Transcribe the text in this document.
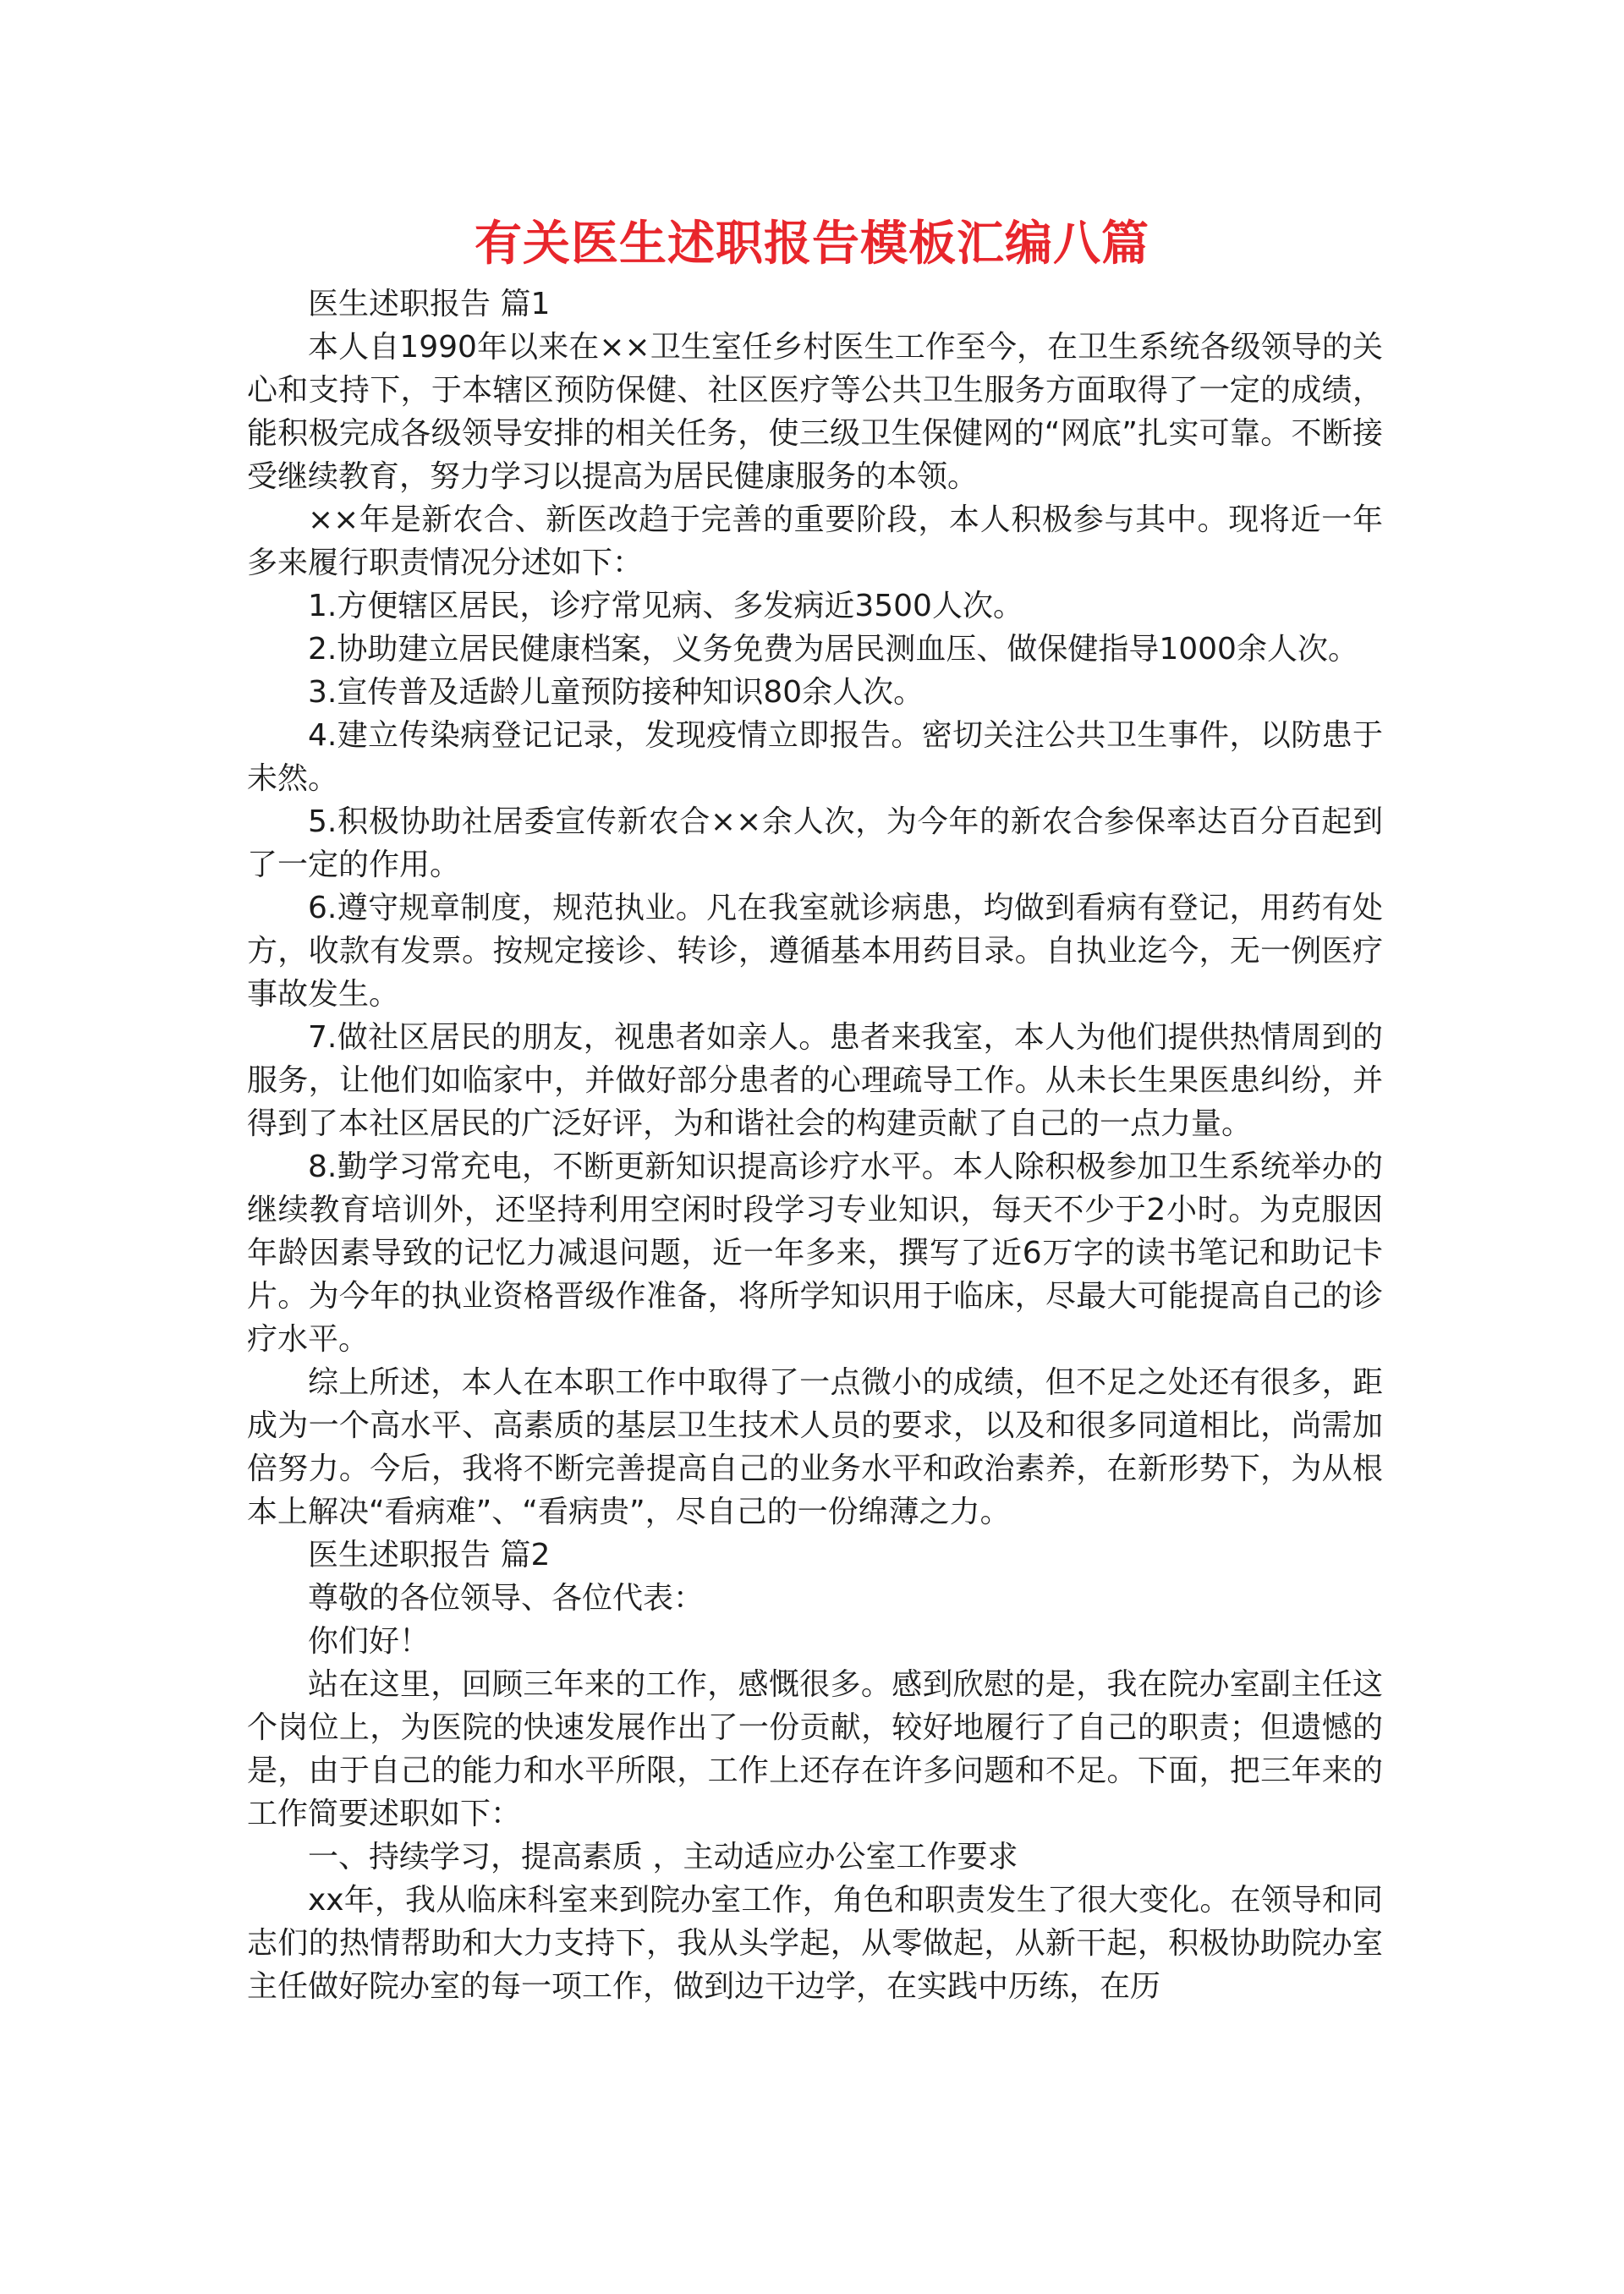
有关医生述职报告模板汇编八篇

医生述职报告 篇1

本人自1990年以来在××卫生室任乡村医生工作至今，在卫生系统各级领导的关心和支持下，于本辖区预防保健、社区医疗等公共卫生服务方面取得了一定的成绩，能积极完成各级领导安排的相关任务，使三级卫生保健网的“网底”扎实可靠。不断接受继续教育，努力学习以提高为居民健康服务的本领。

××年是新农合、新医改趋于完善的重要阶段，本人积极参与其中。现将近一年多来履行职责情况分述如下：

1.方便辖区居民，诊疗常见病、多发病近3500人次。

2.协助建立居民健康档案，义务免费为居民测血压、做保健指导1000余人次。

3.宣传普及适龄儿童预防接种知识80余人次。

4.建立传染病登记记录，发现疫情立即报告。密切关注公共卫生事件，以防患于未然。

5.积极协助社居委宣传新农合××余人次，为今年的新农合参保率达百分百起到了一定的作用。

6.遵守规章制度，规范执业。凡在我室就诊病患，均做到看病有登记，用药有处方，收款有发票。按规定接诊、转诊，遵循基本用药目录。自执业迄今，无一例医疗事故发生。

7.做社区居民的朋友，视患者如亲人。患者来我室，本人为他们提供热情周到的服务，让他们如临家中，并做好部分患者的心理疏导工作。从未长生果医患纠纷，并得到了本社区居民的广泛好评，为和谐社会的构建贡献了自己的一点力量。

8.勤学习常充电，不断更新知识提高诊疗水平。本人除积极参加卫生系统举办的继续教育培训外，还坚持利用空闲时段学习专业知识，每天不少于2小时。为克服因年龄因素导致的记忆力减退问题，近一年多来，撰写了近6万字的读书笔记和助记卡片。为今年的执业资格晋级作准备，将所学知识用于临床，尽最大可能提高自己的诊疗水平。

综上所述，本人在本职工作中取得了一点微小的成绩，但不足之处还有很多，距成为一个高水平、高素质的基层卫生技术人员的要求，以及和很多同道相比，尚需加倍努力。今后，我将不断完善提高自己的业务水平和政治素养，在新形势下，为从根本上解决“看病难”、“看病贵”，尽自己的一份绵薄之力。

医生述职报告 篇2

尊敬的各位领导、各位代表：

你们好！

站在这里，回顾三年来的工作，感慨很多。感到欣慰的是，我在院办室副主任这个岗位上，为医院的快速发展作出了一份贡献，较好地履行了自己的职责；但遗憾的是，由于自己的能力和水平所限，工作上还存在许多问题和不足。下面，把三年来的工作简要述职如下：

一、持续学习，提高素质 ，主动适应办公室工作要求

xx年，我从临床科室来到院办室工作，角色和职责发生了很大变化。在领导和同志们的热情帮助和大力支持下，我从头学起，从零做起，从新干起，积极协助院办室主任做好院办室的每一项工作，做到边干边学，在实践中历练，在历
